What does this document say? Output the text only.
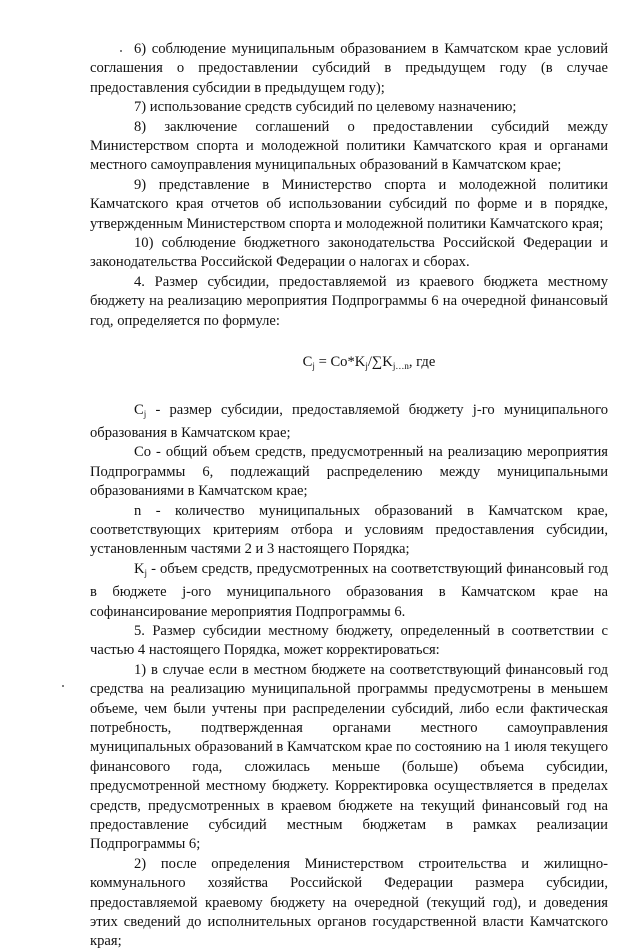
6) соблюдение муниципальным образованием в Камчатском крае условий соглашения о предоставлении субсидий в предыдущем году (в случае предоставления субсидии в предыдущем году);

7) использование средств субсидий по целевому назначению;

8) заключение соглашений о предоставлении субсидий между Министерством спорта и молодежной политики Камчатского края и органами местного самоуправления муниципальных образований в Камчатском крае;

9) представление в Министерство спорта и молодежной политики Камчатского края отчетов об использовании субсидий по форме и в порядке, утвержденным Министерством спорта и молодежной политики Камчатского края;

10) соблюдение бюджетного законодательства Российской Федерации и законодательства Российской Федерации о налогах и сборах.

4. Размер субсидии, предоставляемой из краевого бюджета местному бюджету на реализацию мероприятия Подпрограммы 6 на очередной финансовый год, определяется по формуле:

$C_j = Co*K_j/\sum K_{j\dots n}$, где

$C_j$ - размер субсидии, предоставляемой бюджету j-го муниципального образования в Камчатском крае;

Co - общий объем средств, предусмотренный на реализацию мероприятия Подпрограммы 6, подлежащий распределению между муниципальными образованиями в Камчатском крае;

n - количество муниципальных образований в Камчатском крае, соответствующих критериям отбора и условиям предоставления субсидии, установленным частями 2 и 3 настоящего Порядка;

$K_j$ - объем средств, предусмотренных на соответствующий финансовый год в бюджете j-ого муниципального образования в Камчатском крае на софинансирование мероприятия Подпрограммы 6.

5. Размер субсидии местному бюджету, определенный в соответствии с частью 4 настоящего Порядка, может корректироваться:

1) в случае если в местном бюджете на соответствующий финансовый год средства на реализацию муниципальной программы предусмотрены в меньшем объеме, чем были учтены при распределении субсидий, либо если фактическая потребность, подтвержденная органами местного самоуправления муниципальных образований в Камчатском крае по состоянию на 1 июля текущего финансового года, сложилась меньше (больше) объема субсидии, предусмотренной местному бюджету. Корректировка осуществляется в пределах средств, предусмотренных в краевом бюджете на текущий финансовый год на предоставление субсидий местным бюджетам в рамках реализации Подпрограммы 6;

2) после определения Министерством строительства и жилищно-коммунального хозяйства Российской Федерации размера субсидии, предоставляемой краевому бюджету на очередной (текущий год), и доведения этих сведений до исполнительных органов государственной власти Камчатского края;
